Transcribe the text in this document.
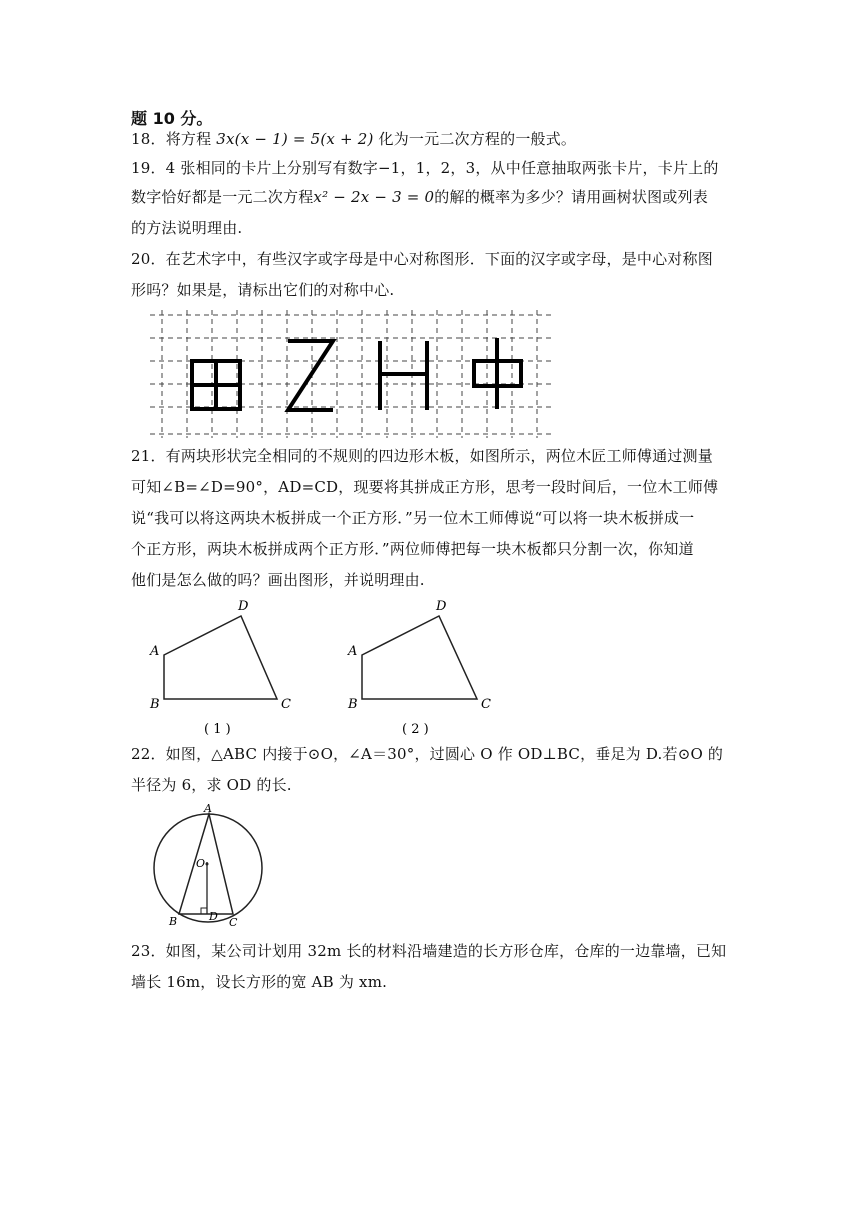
题 10 分。
18．将方程 3x(x − 1) = 5(x + 2) 化为一元二次方程的一般式。
19．4 张相同的卡片上分别写有数字−1，1，2，3，从中任意抽取两张卡片，卡片上的
数字恰好都是一元二次方程x² − 2x − 3 = 0的解的概率为多少？请用画树状图或列表
的方法说明理由.
20．在艺术字中，有些汉字或字母是中心对称图形．下面的汉字或字母，是中心对称图
形吗？如果是，请标出它们的对称中心.
21．有两块形状完全相同的不规则的四边形木板，如图所示，两位木匠工师傅通过测量
可知∠B=∠D=90°，AD=CD，现要将其拼成正方形，思考一段时间后，一位木工师傅
说“我可以将这两块木板拼成一个正方形．”另一位木工师傅说“可以将一块木板拼成一
个正方形，两块木板拼成两个正方形．”两位师傅把每一块木板都只分割一次，你知道
他们是怎么做的吗？画出图形，并说明理由.
D
A
B	C
( 1 )
D
A
B	C
( 2 )
22．如图，△ABC 内接于⊙O，∠A＝30°，过圆心 O 作 OD⊥BC，垂足为 D.若⊙O 的
半径为 6，求 OD 的长.
A
O
B	D C
23．如图，某公司计划用 32m 长的材料沿墙建造的长方形仓库，仓库的一边靠墙，已知
墙长 16m，设长方形的宽 AB 为 xm.
